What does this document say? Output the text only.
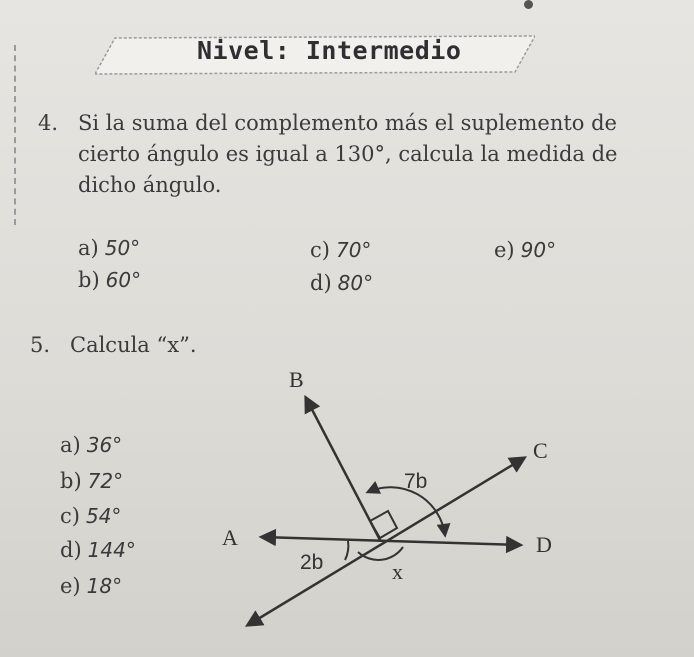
Nivel: Intermedio
4. Si la suma del complemento más el suplemento de
cierto ángulo es igual a 130°, calcula la medida de
dicho ángulo.
a) 50°
b) 60°
c) 70°
d) 80°
e) 90°
5. Calcula “x”.
a) 36°
b) 72°
c) 54°
d) 144°
e) 18°
B
C
A	D
7b
2b	x
